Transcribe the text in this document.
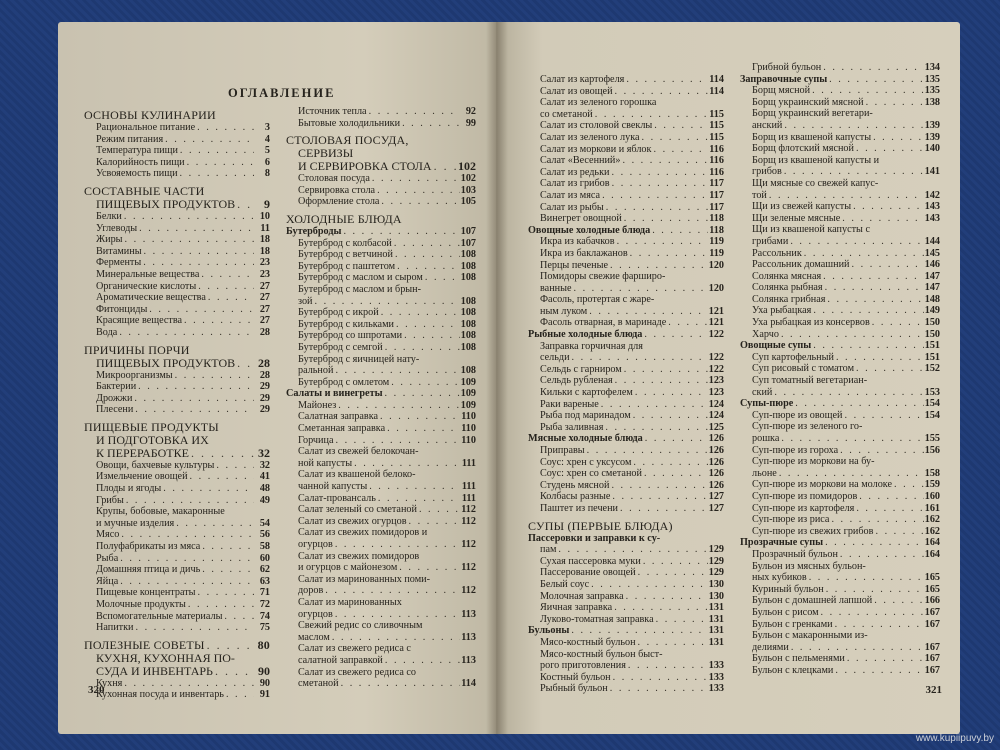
ОГЛАВЛЕНИЕ
ОСНОВЫ КУЛИНАРИИ
Рациональное питание . . .	3
Режим питания . . .	4
Температура пищи . . .	5
Калорийность пищи . . .	6
Усвояемость пищи . . .	8
СОСТАВНЫЕ ЧАСТИ
ПИЩЕВЫХ ПРОДУКТОВ . . .	9
Белки . . .	10
Углеводы . . .	11
Жиры . . .	18
Витамины . . .	18
Ферменты . . .	23
Минеральные вещества . . .	23
Органические кислоты . . .	27
Ароматические вещества . . .	27
Фитонциды . . .	27
Красящие вещества . . .	27
Вода . . .	28
ПРИЧИНЫ ПОРЧИ
ПИЩЕВЫХ ПРОДУКТОВ . . .	28
Микроорганизмы . . .	28
Бактерии . . .	29
Дрожжи . . .	29
Плесени . . .	29
ПИЩЕВЫЕ ПРОДУКТЫ
И ПОДГОТОВКА ИХ
К ПЕРЕРАБОТКЕ . . .	32
Овощи, бахчевые культуры . . .	32
Измельчение овощей . . .	41
Плоды и ягоды . . .	48
Грибы . . .	49
Крупы, бобовые, макаронные
и мучные изделия . . .	54
Мясо . . .	56
Полуфабрикаты из мяса . . .	58
Рыба . . .	60
Домашняя птица и дичь . . .	62
Яйца . . .	63
Пищевые концентраты . . .	71
Молочные продукты . . .	72
Вспомогательные материалы . . .	74
Напитки . . .	75
ПОЛЕЗНЫЕ СОВЕТЫ . . .	80
КУХНЯ, КУХОННАЯ ПО-
СУДА И ИНВЕНТАРЬ . . .	90
Кухня . . .	90
Кухонная посуда и инвентарь . . .	91
Источник тепла . . .	92
Бытовые холодильники . . .	99
СТОЛОВАЯ ПОСУДА,
СЕРВИЗЫ
И СЕРВИРОВКА СТОЛА . . . 102
Столовая посуда . . .	102
Сервировка стола . . .	103
Оформление стола . . .	105
ХОЛОДНЫЕ БЛЮДА
Бутерброды . . .	107
Бутерброд с колбасой . . .	107
Бутерброд с ветчиной . . .	108
Бутерброд с паштетом . . .	108
Бутерброд с маслом и сыром . . .	108
Бутерброд с маслом и брын-
зой . . .	108
Бутерброд с икрой . . .	108
Бутерброд с кильками . . .	108
Бутерброд со шпротами . . .	108
Бутерброд с семгой . . .	108
Бутерброд с яичницей нату-
ральной . . .	108
Бутерброд с омлетом . . .	109
Салаты и винегреты . . .	109
Майонез . . .	109
Салатная заправка . . .	110
Сметанная заправка . . .	110
Горчица . . .	110
Салат из свежей белокочан-
ной капусты . . .	111
Салат из квашеной белоко-
чанной капусты . . .	111
Салат-провансаль . . .	111
Салат зеленый со сметаной . . .	112
Салат из свежих огурцов . . .	112
Салат из свежих помидоров и
огурцов . . .	112
Салат из свежих помидоров
и огурцов с майонезом . . .	112
Салат из маринованных поми-
доров . . .	112
Салат из маринованных
огурцов . . .	113
Свежий редис со сливочным
маслом . . .	113
Салат из свежего редиса с
салатной заправкой . . .	113
Салат из свежего редиса со
сметаной . . .	114
320
Салат из картофеля . . .	114
Салат из овощей . . .	114
Салат из зеленого горошка
со сметаной . . .	115
Салат из столовой свеклы . . .	115
Салат из зеленого лука . . .	115
Салат из моркови и яблок . . .	116
Салат «Весенний» . . .	116
Салат из редьки . . .	116
Салат из грибов . . .	117
Салат из мяса . . .	117
Салат из рыбы . . .	117
Винегрет овощной . . .	118
Овощные холодные блюда . . .	118
Икра из кабачков . . .	119
Икра из баклажанов . . .	119
Перцы печеные . . .	120
Помидоры свежие фарширо-
ванные . . .	120
Фасоль, протертая с жаре-
ным луком . . .	121
Фасоль отварная, в маринаде . . .	121
Рыбные холодные блюда . . .	122
Заправка горчичная для
сельди . . .	122
Сельдь с гарниром . . .	122
Сельдь рубленая . . .	123
Кильки с картофелем . . .	123
Раки вареные . . .	124
Рыба под маринадом . . .	124
Рыба заливная . . .	125
Мясные холодные блюда . . .	126
Приправы . . .	126
Соус: хрен с уксусом . . .	126
Соус: хрен со сметаной . . .	126
Студень мясной . . .	126
Колбасы разные . . .	127
Паштет из печени . . .	127
СУПЫ (ПЕРВЫЕ БЛЮДА)
Пассеровки и заправки к су-
пам . . .	129
Сухая пассеровка муки . . .	129
Пассерование овощей . . .	129
Белый соус . . .	130
Молочная заправка . . .	130
Яичная заправка . . .	131
Луково-томатная заправка . . .	131
Бульоны . . .	131
Мясо-костный бульон . . .	131
Мясо-костный бульон быст-
рого приготовления . . .	133
Костный бульон . . .	133
Рыбный бульон . . .	133
Грибной бульон . . .	134
Заправочные супы . . .	135
Борщ мясной . . .	135
Борщ украинский мясной . . .	138
Борщ украинский вегетари-
анский . . .	139
Борщ из квашеной капусты . . .	139
Борщ флотский мясной . . .	140
Борщ из квашеной капусты и
грибов . . .	141
Щи мясные со свежей капус-
той . . .	142
Щи из свежей капусты . . .	143
Щи зеленые мясные . . .	143
Щи из квашеной капусты с
грибами . . .	144
Рассольник . . .	145
Рассольник домашний . . .	146
Солянка мясная . . .	147
Солянка рыбная . . .	147
Солянка грибная . . .	148
Уха рыбацкая . . .	149
Уха рыбацкая из консервов . . .	150
Харчо . . .	150
Овощные супы . . .	151
Суп картофельный . . .	151
Суп рисовый с томатом . . .	152
Суп томатный вегетариан-
ский . . .	153
Супы-пюре . . .	154
Суп-пюре из овощей . . .	154
Суп-пюре из зеленого го-
рошка . . .	155
Суп-пюре из гороха . . .	156
Суп-пюре из моркови на бу-
льоне . . .	158
Суп-пюре из моркови на молоке . . .	159
Суп-пюре из помидоров . . .	160
Суп-пюре из картофеля . . .	161
Суп-пюре из риса . . .	162
Суп-пюре из свежих грибов . . .	162
Прозрачные супы . . .	164
Прозрачный бульон . . .	164
Бульон из мясных бульон-
ных кубиков . . .	165
Куриный бульон . . .	165
Бульон с домашней лапшой . . .	166
Бульон с рисом . . .	167
Бульон с гренками . . .	167
Бульон с макаронными из-
делиями . . .	167
Бульон с пельменями . . .	167
Бульон с клецками . . .	167
321
www.kupiipuvy.by
